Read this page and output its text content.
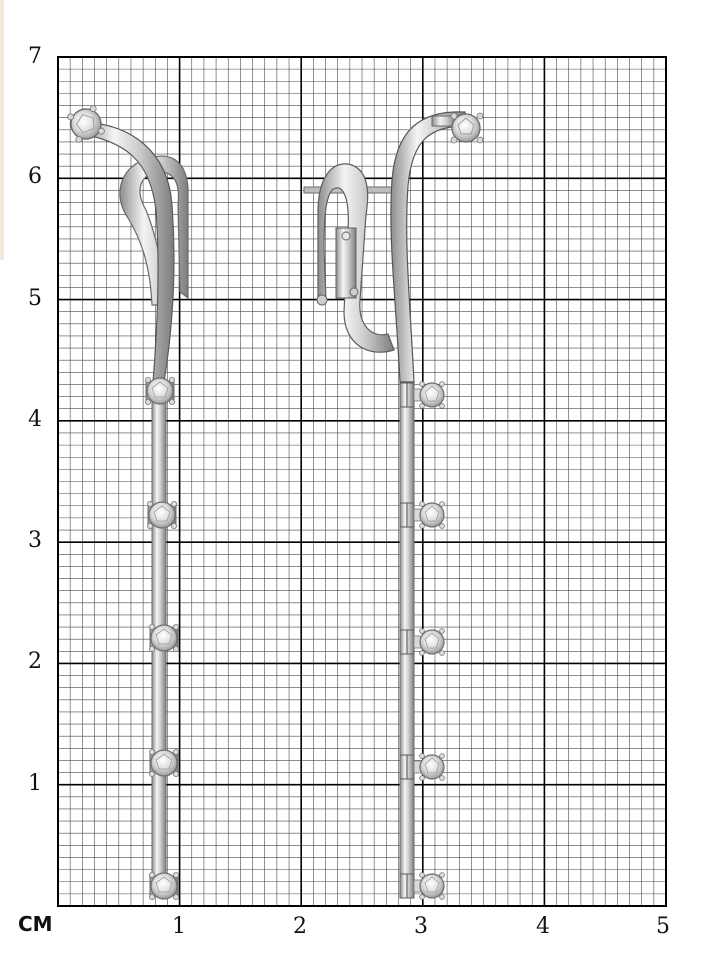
7
6
5
4
3
2
1
СМ	1	2	3	4	5
